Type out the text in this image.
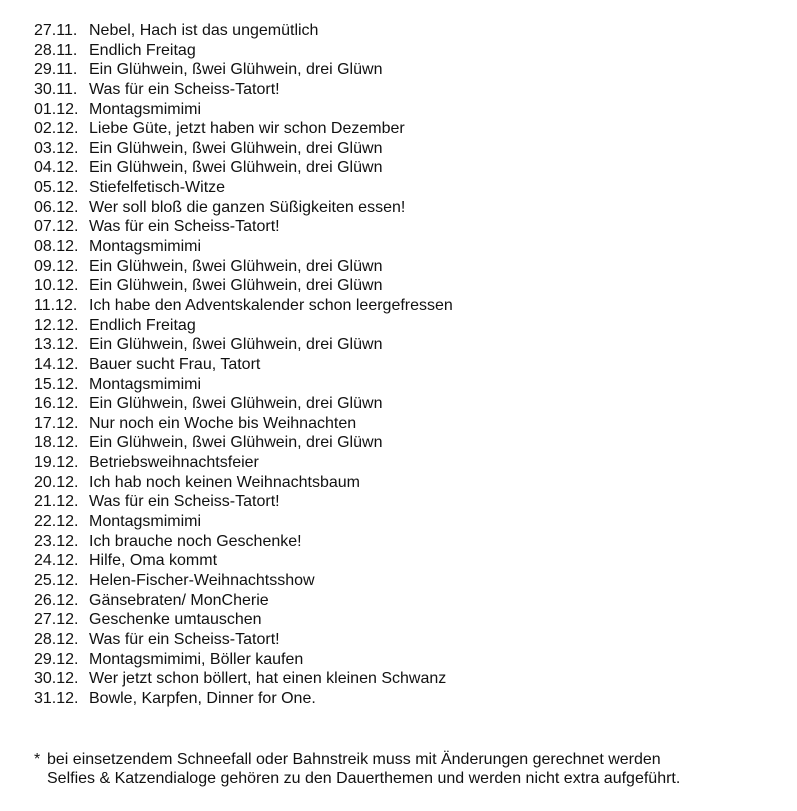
27.11. Nebel, Hach ist das ungemütlich
28.11. Endlich Freitag
29.11. Ein Glühwein, ßwei Glühwein, drei Glüwn
30.11. Was für ein Scheiss-Tatort!
01.12. Montagsmimimi
02.12. Liebe Güte, jetzt haben wir schon Dezember
03.12. Ein Glühwein, ßwei Glühwein, drei Glüwn
04.12. Ein Glühwein, ßwei Glühwein, drei Glüwn
05.12. Stiefelfetisch-Witze
06.12. Wer soll bloß die ganzen Süßigkeiten essen!
07.12. Was für ein Scheiss-Tatort!
08.12. Montagsmimimi
09.12. Ein Glühwein, ßwei Glühwein, drei Glüwn
10.12. Ein Glühwein, ßwei Glühwein, drei Glüwn
11.12. Ich habe den Adventskalender schon leergefressen
12.12. Endlich Freitag
13.12. Ein Glühwein, ßwei Glühwein, drei Glüwn
14.12. Bauer sucht Frau, Tatort
15.12. Montagsmimimi
16.12. Ein Glühwein, ßwei Glühwein, drei Glüwn
17.12. Nur noch ein Woche bis Weihnachten
18.12. Ein Glühwein, ßwei Glühwein, drei Glüwn
19.12. Betriebsweihnachtsfeier
20.12. Ich hab noch keinen Weihnachtsbaum
21.12. Was für ein Scheiss-Tatort!
22.12. Montagsmimimi
23.12. Ich brauche noch Geschenke!
24.12. Hilfe, Oma kommt
25.12. Helen-Fischer-Weihnachtsshow
26.12. Gänsebraten/ MonCherie
27.12. Geschenke umtauschen
28.12. Was für ein Scheiss-Tatort!
29.12. Montagsmimimi, Böller kaufen
30.12. Wer jetzt schon böllert, hat einen kleinen Schwanz
31.12. Bowle, Karpfen, Dinner for One.
* bei einsetzendem Schneefall oder Bahnstreik muss mit Änderungen gerechnet werden
Selfies & Katzendialoge gehören zu den Dauerthemen und werden nicht extra aufgeführt.
